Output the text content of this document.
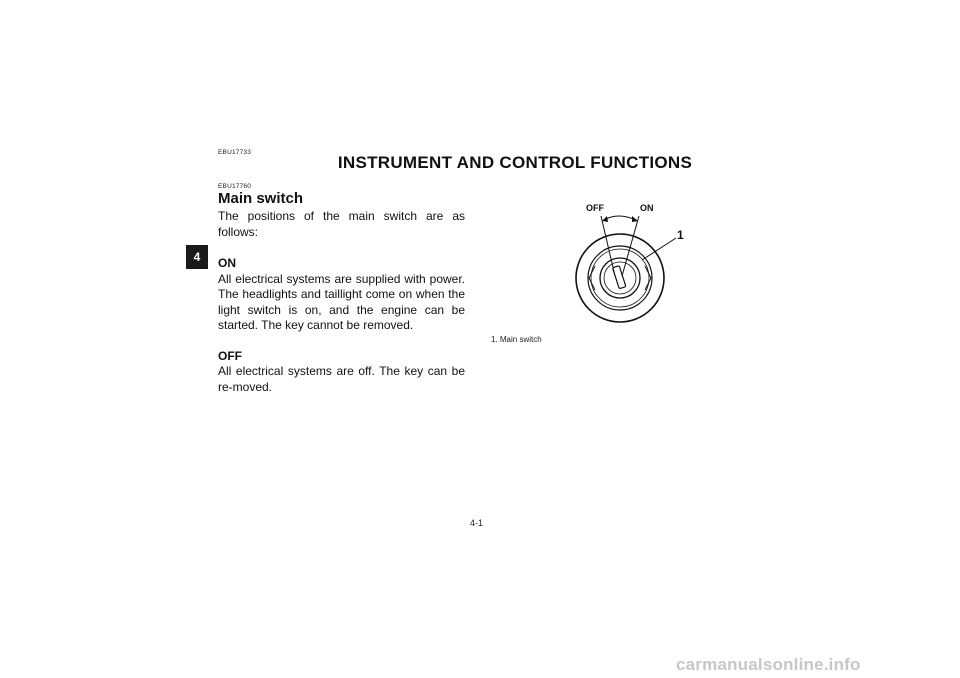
EBU17733
INSTRUMENT AND CONTROL FUNCTIONS
EBU17760
Main switch
4

The positions of the main switch are as follows:

ON

All electrical systems are supplied with power. The headlights and taillight come on when the light switch is on, and the engine can be started. The key cannot be removed.

OFF

All electrical systems are off. The key can be re-moved.

OFF	ON
1
1. Main switch
4-1
carmanualsonline.info
